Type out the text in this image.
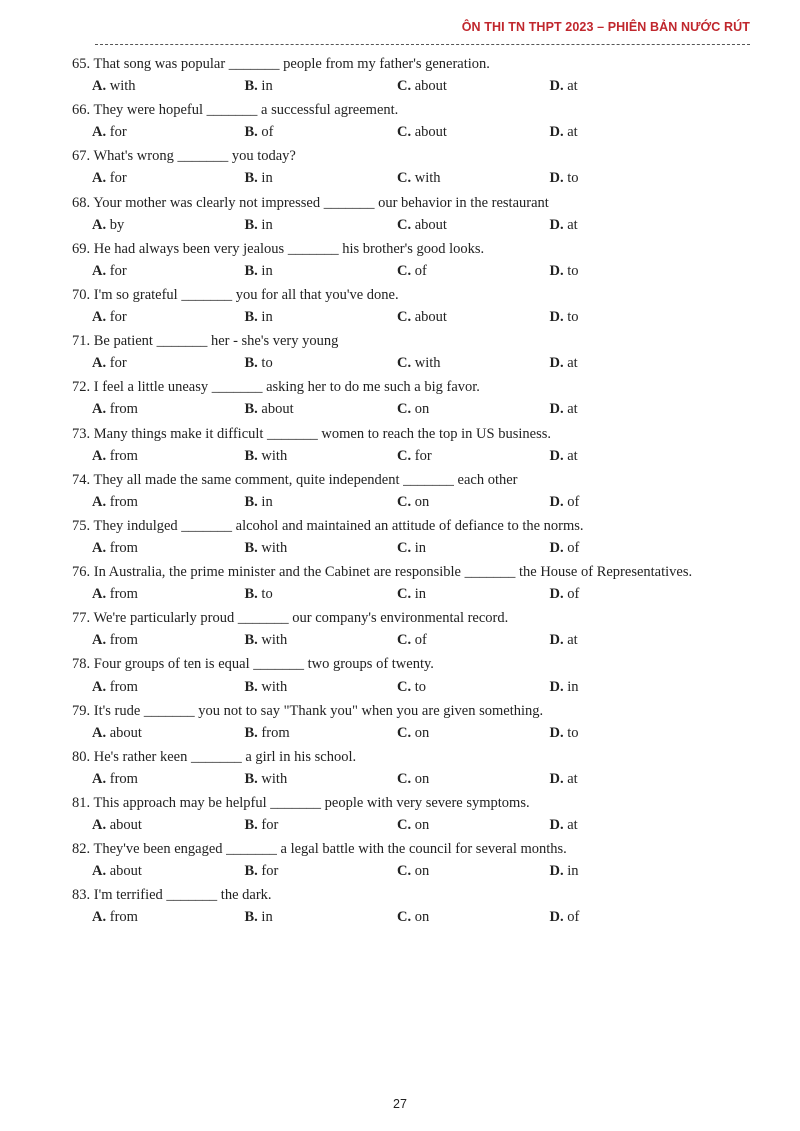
ÔN THI TN THPT 2023 – PHIÊN BẢN NƯỚC RÚT
65. That song was popular _______ people from my father's generation.
A. with	B. in	C. about	D. at
66. They were hopeful _______ a successful agreement.
A. for	B. of	C. about	D. at
67. What's wrong _______ you today?
A. for	B. in	C. with	D. to
68. Your mother was clearly not impressed _______ our behavior in the restaurant
A. by	B. in	C. about	D. at
69. He had always been very jealous _______ his brother's good looks.
A. for	B. in	C. of	D. to
70. I'm so grateful _______ you for all that you've done.
A. for	B. in	C. about	D. to
71. Be patient _______ her - she's very young
A. for	B. to	C. with	D. at
72. I feel a little uneasy _______ asking her to do me such a big favor.
A. from	B. about	C. on	D. at
73. Many things make it difficult _______ women to reach the top in US business.
A. from	B. with	C. for	D. at
74. They all made the same comment, quite independent _______ each other
A. from	B. in	C. on	D. of
75. They indulged _______ alcohol and maintained an attitude of defiance to the norms.
A. from	B. with	C. in	D. of
76. In Australia, the prime minister and the Cabinet are responsible _______ the House of Representatives.
A. from	B. to	C. in	D. of
77. We're particularly proud _______ our company's environmental record.
A. from	B. with	C. of	D. at
78. Four groups of ten is equal _______ two groups of twenty.
A. from	B. with	C. to	D. in
79. It's rude _______ you not to say "Thank you" when you are given something.
A. about	B. from	C. on	D. to
80. He's rather keen _______ a girl in his school.
A. from	B. with	C. on	D. at
81. This approach may be helpful _______ people with very severe symptoms.
A. about	B. for	C. on	D. at
82. They've been engaged _______ a legal battle with the council for several months.
A. about	B. for	C. on	D. in
83. I'm terrified _______ the dark.
A. from	B. in	C. on	D. of
27
